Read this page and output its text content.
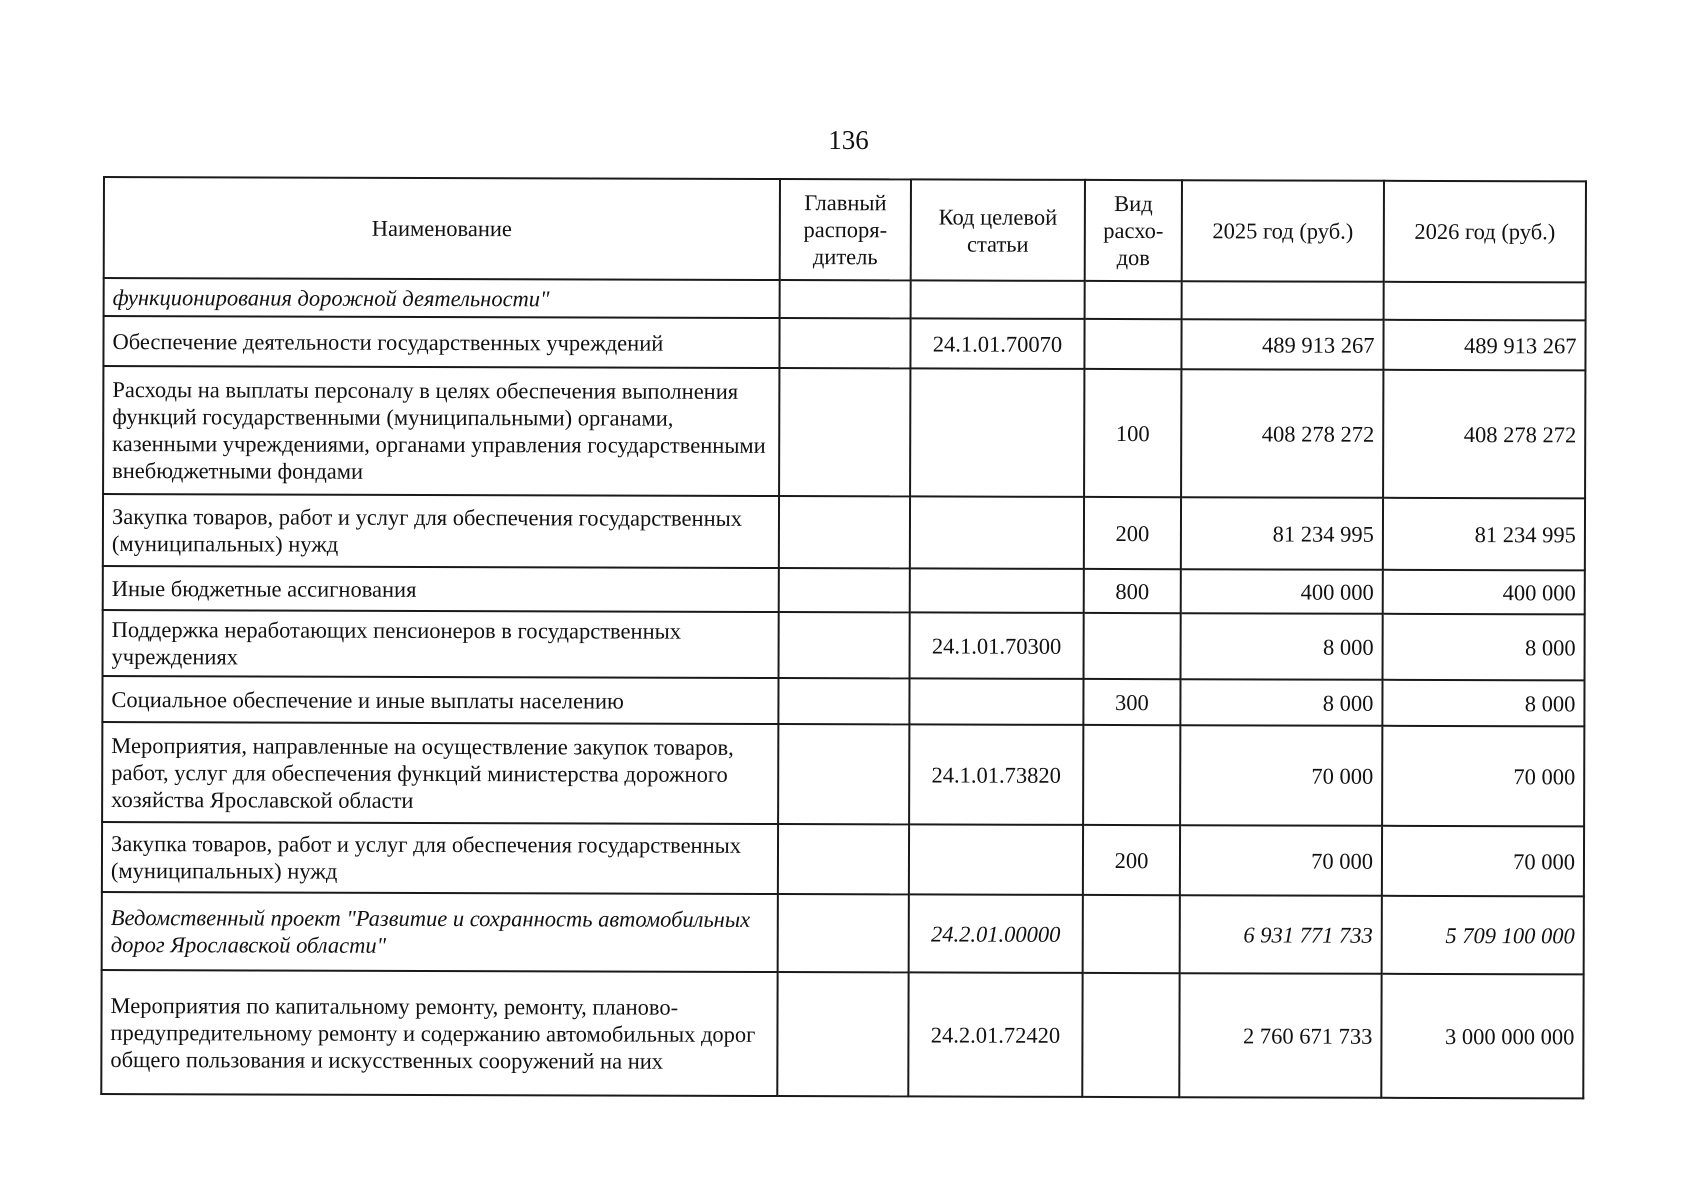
136
Наименование	Главный распоря-дитель	Код целевой статьи	Вид расхо-дов	2025 год (руб.)	2026 год (руб.)
функционирования дорожной деятельности"					
Обеспечение деятельности государственных учреждений		24.1.01.70070		489 913 267	489 913 267
Расходы на выплаты персоналу в целях обеспечения выполнения функций государственными (муниципальными) органами, казенными учреждениями, органами управления государственными внебюджетными фондами			100	408 278 272	408 278 272
Закупка товаров, работ и услуг для обеспечения государственных (муниципальных) нужд			200	81 234 995	81 234 995
Иные бюджетные ассигнования			800	400 000	400 000
Поддержка неработающих пенсионеров в государственных учреждениях		24.1.01.70300		8 000	8 000
Социальное обеспечение и иные выплаты населению			300	8 000	8 000
Мероприятия, направленные на осуществление закупок товаров, работ, услуг для обеспечения функций министерства дорожного хозяйства Ярославской области		24.1.01.73820		70 000	70 000
Закупка товаров, работ и услуг для обеспечения государственных (муниципальных) нужд			200	70 000	70 000
Ведомственный проект "Развитие и сохранность автомобильных дорог Ярославской области"		24.2.01.00000		6 931 771 733	5 709 100 000
Мероприятия по капитальному ремонту, ремонту, планово-предупредительному ремонту и содержанию автомобильных дорог общего пользования и искусственных сооружений на них		24.2.01.72420		2 760 671 733	3 000 000 000
